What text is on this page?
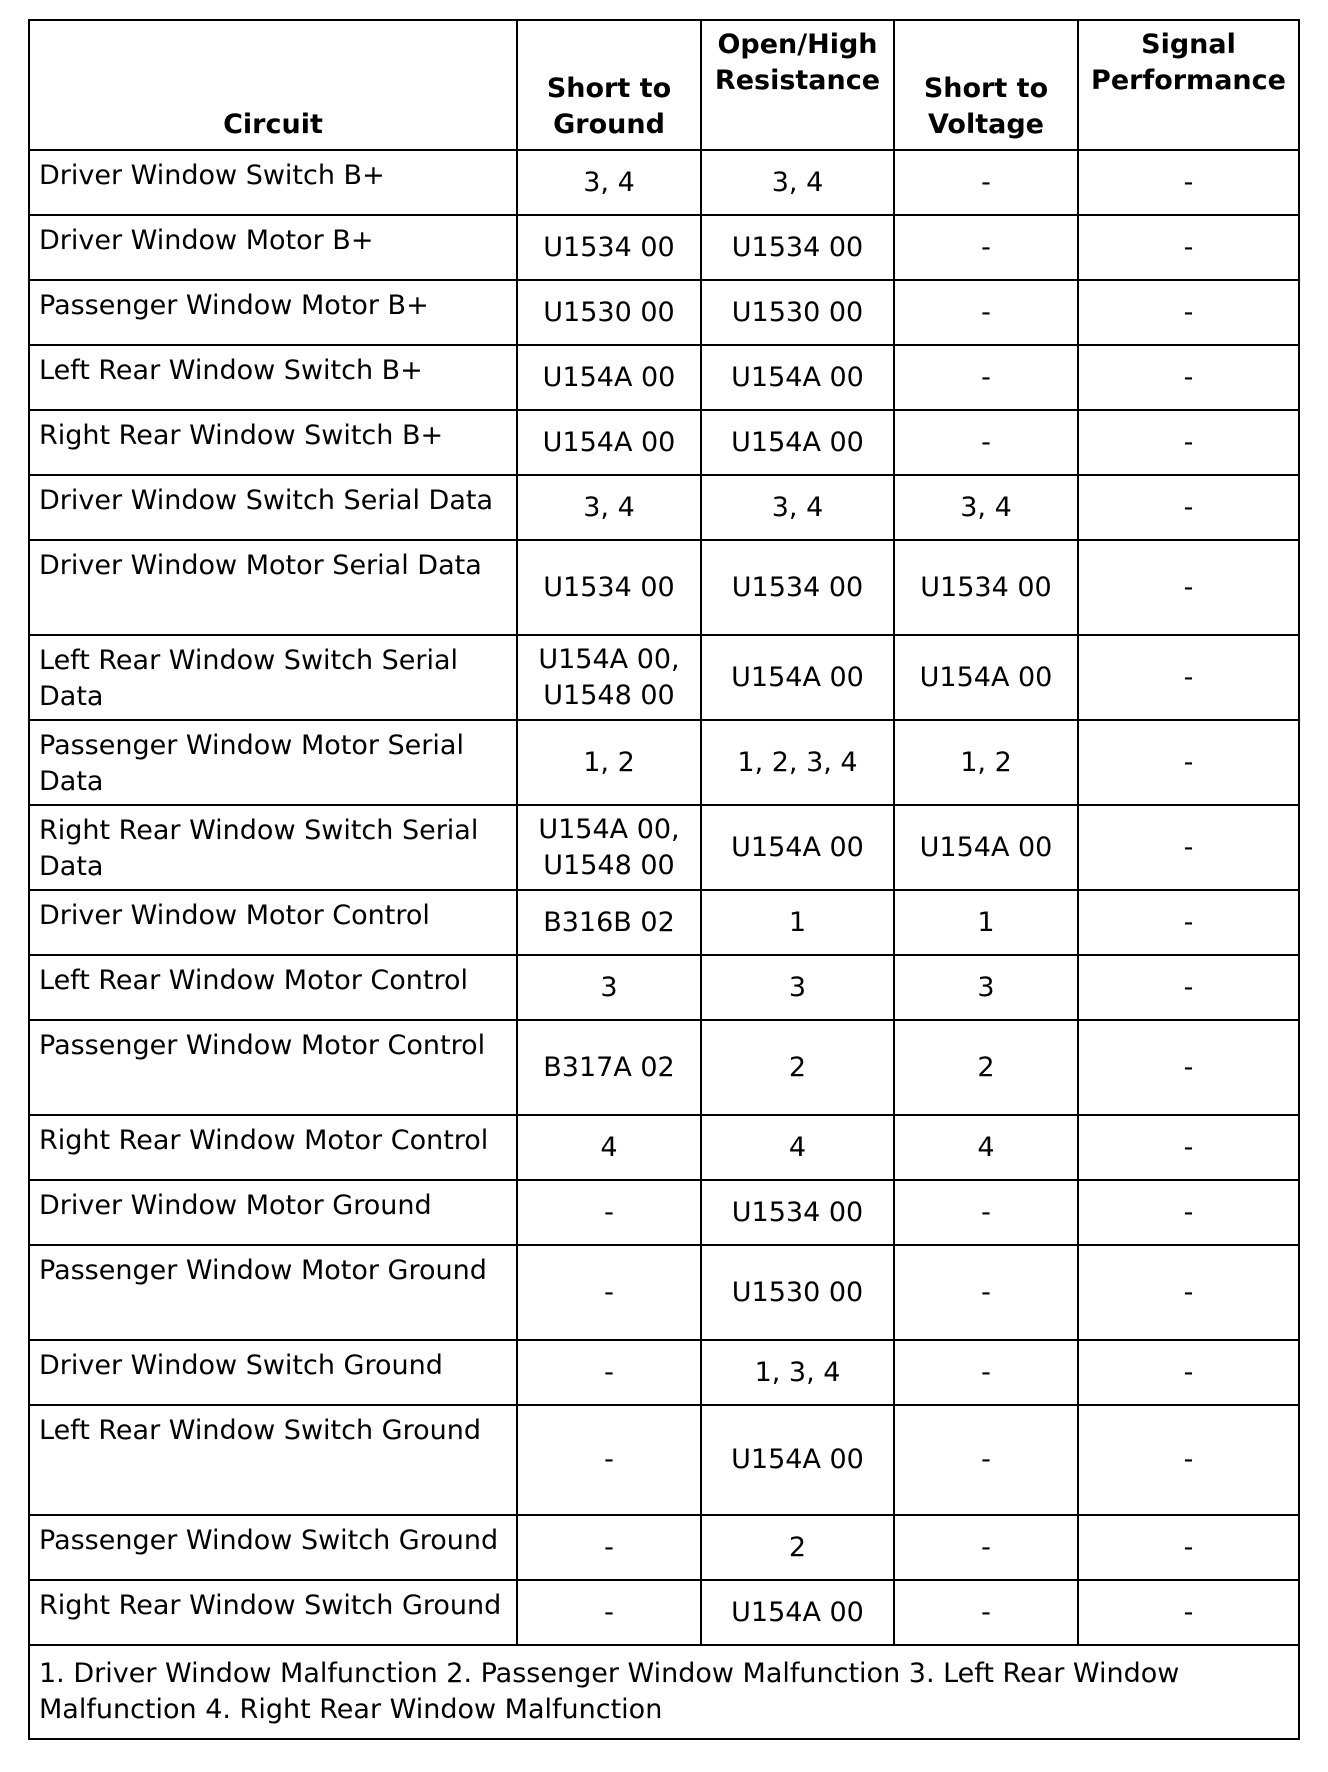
Circuit	Short to Ground	Open/High Resistance	Short to Voltage	Signal Performance
Driver Window Switch B+	3, 4	3, 4	-	-
Driver Window Motor B+	U1534 00	U1534 00	-	-
Passenger Window Motor B+	U1530 00	U1530 00	-	-
Left Rear Window Switch B+	U154A 00	U154A 00	-	-
Right Rear Window Switch B+	U154A 00	U154A 00	-	-
Driver Window Switch Serial Data	3, 4	3, 4	3, 4	-
Driver Window Motor Serial Data	U1534 00	U1534 00	U1534 00	-
Left Rear Window Switch Serial Data	U154A 00, U1548 00	U154A 00	U154A 00	-
Passenger Window Motor Serial Data	1, 2	1, 2, 3, 4	1, 2	-
Right Rear Window Switch Serial Data	U154A 00, U1548 00	U154A 00	U154A 00	-
Driver Window Motor Control	B316B 02	1	1	-
Left Rear Window Motor Control	3	3	3	-
Passenger Window Motor Control	B317A 02	2	2	-
Right Rear Window Motor Control	4	4	4	-
Driver Window Motor Ground	-	U1534 00	-	-
Passenger Window Motor Ground	-	U1530 00	-	-
Driver Window Switch Ground	-	1, 3, 4	-	-
Left Rear Window Switch Ground	-	U154A 00	-	-
Passenger Window Switch Ground	-	2	-	-
Right Rear Window Switch Ground	-	U154A 00	-	-
1. Driver Window Malfunction 2. Passenger Window Malfunction 3. Left Rear Window Malfunction 4. Right Rear Window Malfunction				
